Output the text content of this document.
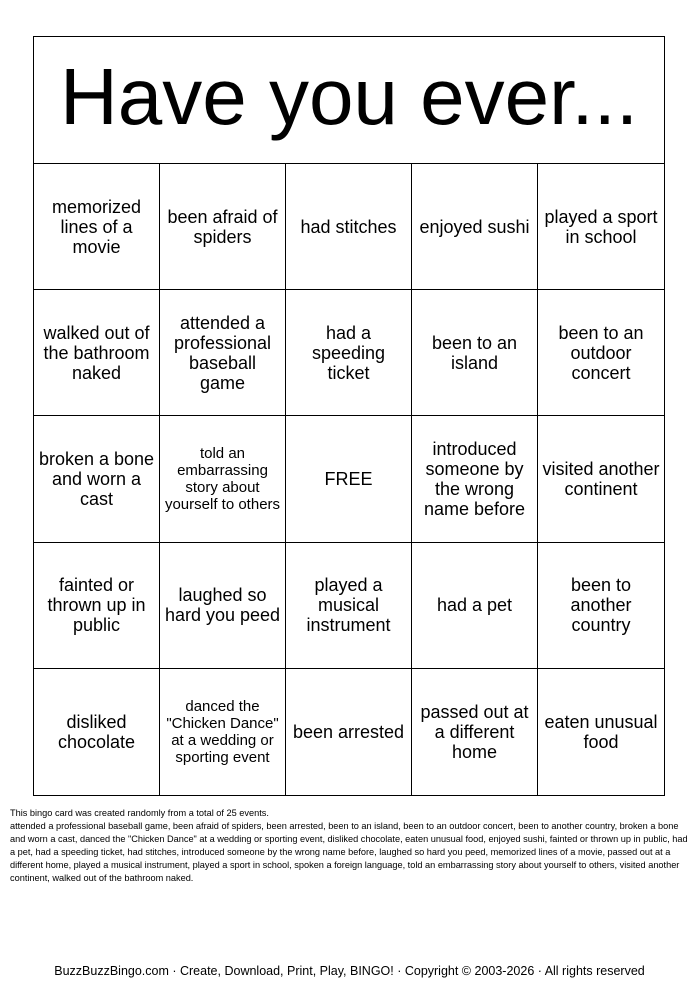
Have you ever...
memorized lines of a movie
been afraid of spiders	had stitches	enjoyed sushi played a sport in school
walked out of the bathroom naked
attended a professional baseball game
had a speeding ticket
been to an island
been to an outdoor concert
broken a bone and worn a cast
told an embarrassing story about yourself to others
FREE
introduced someone by the wrong name before
visited another continent
fainted or thrown up in public
laughed so hard you peed
played a musical instrument
had a pet
been to another country
disliked chocolate
danced the "Chicken Dance" at a wedding or sporting event
been arrested
passed out at a different home
eaten unusual food

This bingo card was created randomly from a total of 25 events.

attended a professional baseball game, been afraid of spiders, been arrested, been to an island, been to an outdoor concert, been to another country, broken a bone and worn a cast, danced the "Chicken Dance" at a wedding or sporting event, disliked chocolate, eaten unusual food, enjoyed sushi, fainted or thrown up in public, had a pet, had a speeding ticket, had stitches, introduced someone by the wrong name before, laughed so hard you peed, memorized lines of a movie, passed out at a different home, played a musical instrument, played a sport in school, spoken a foreign language, told an embarrassing story about yourself to others, visited another continent, walked out of the bathroom naked.

BuzzBuzzBingo.com · Create, Download, Print, Play, BINGO! · Copyright © 2003-2026 · All rights reserved
